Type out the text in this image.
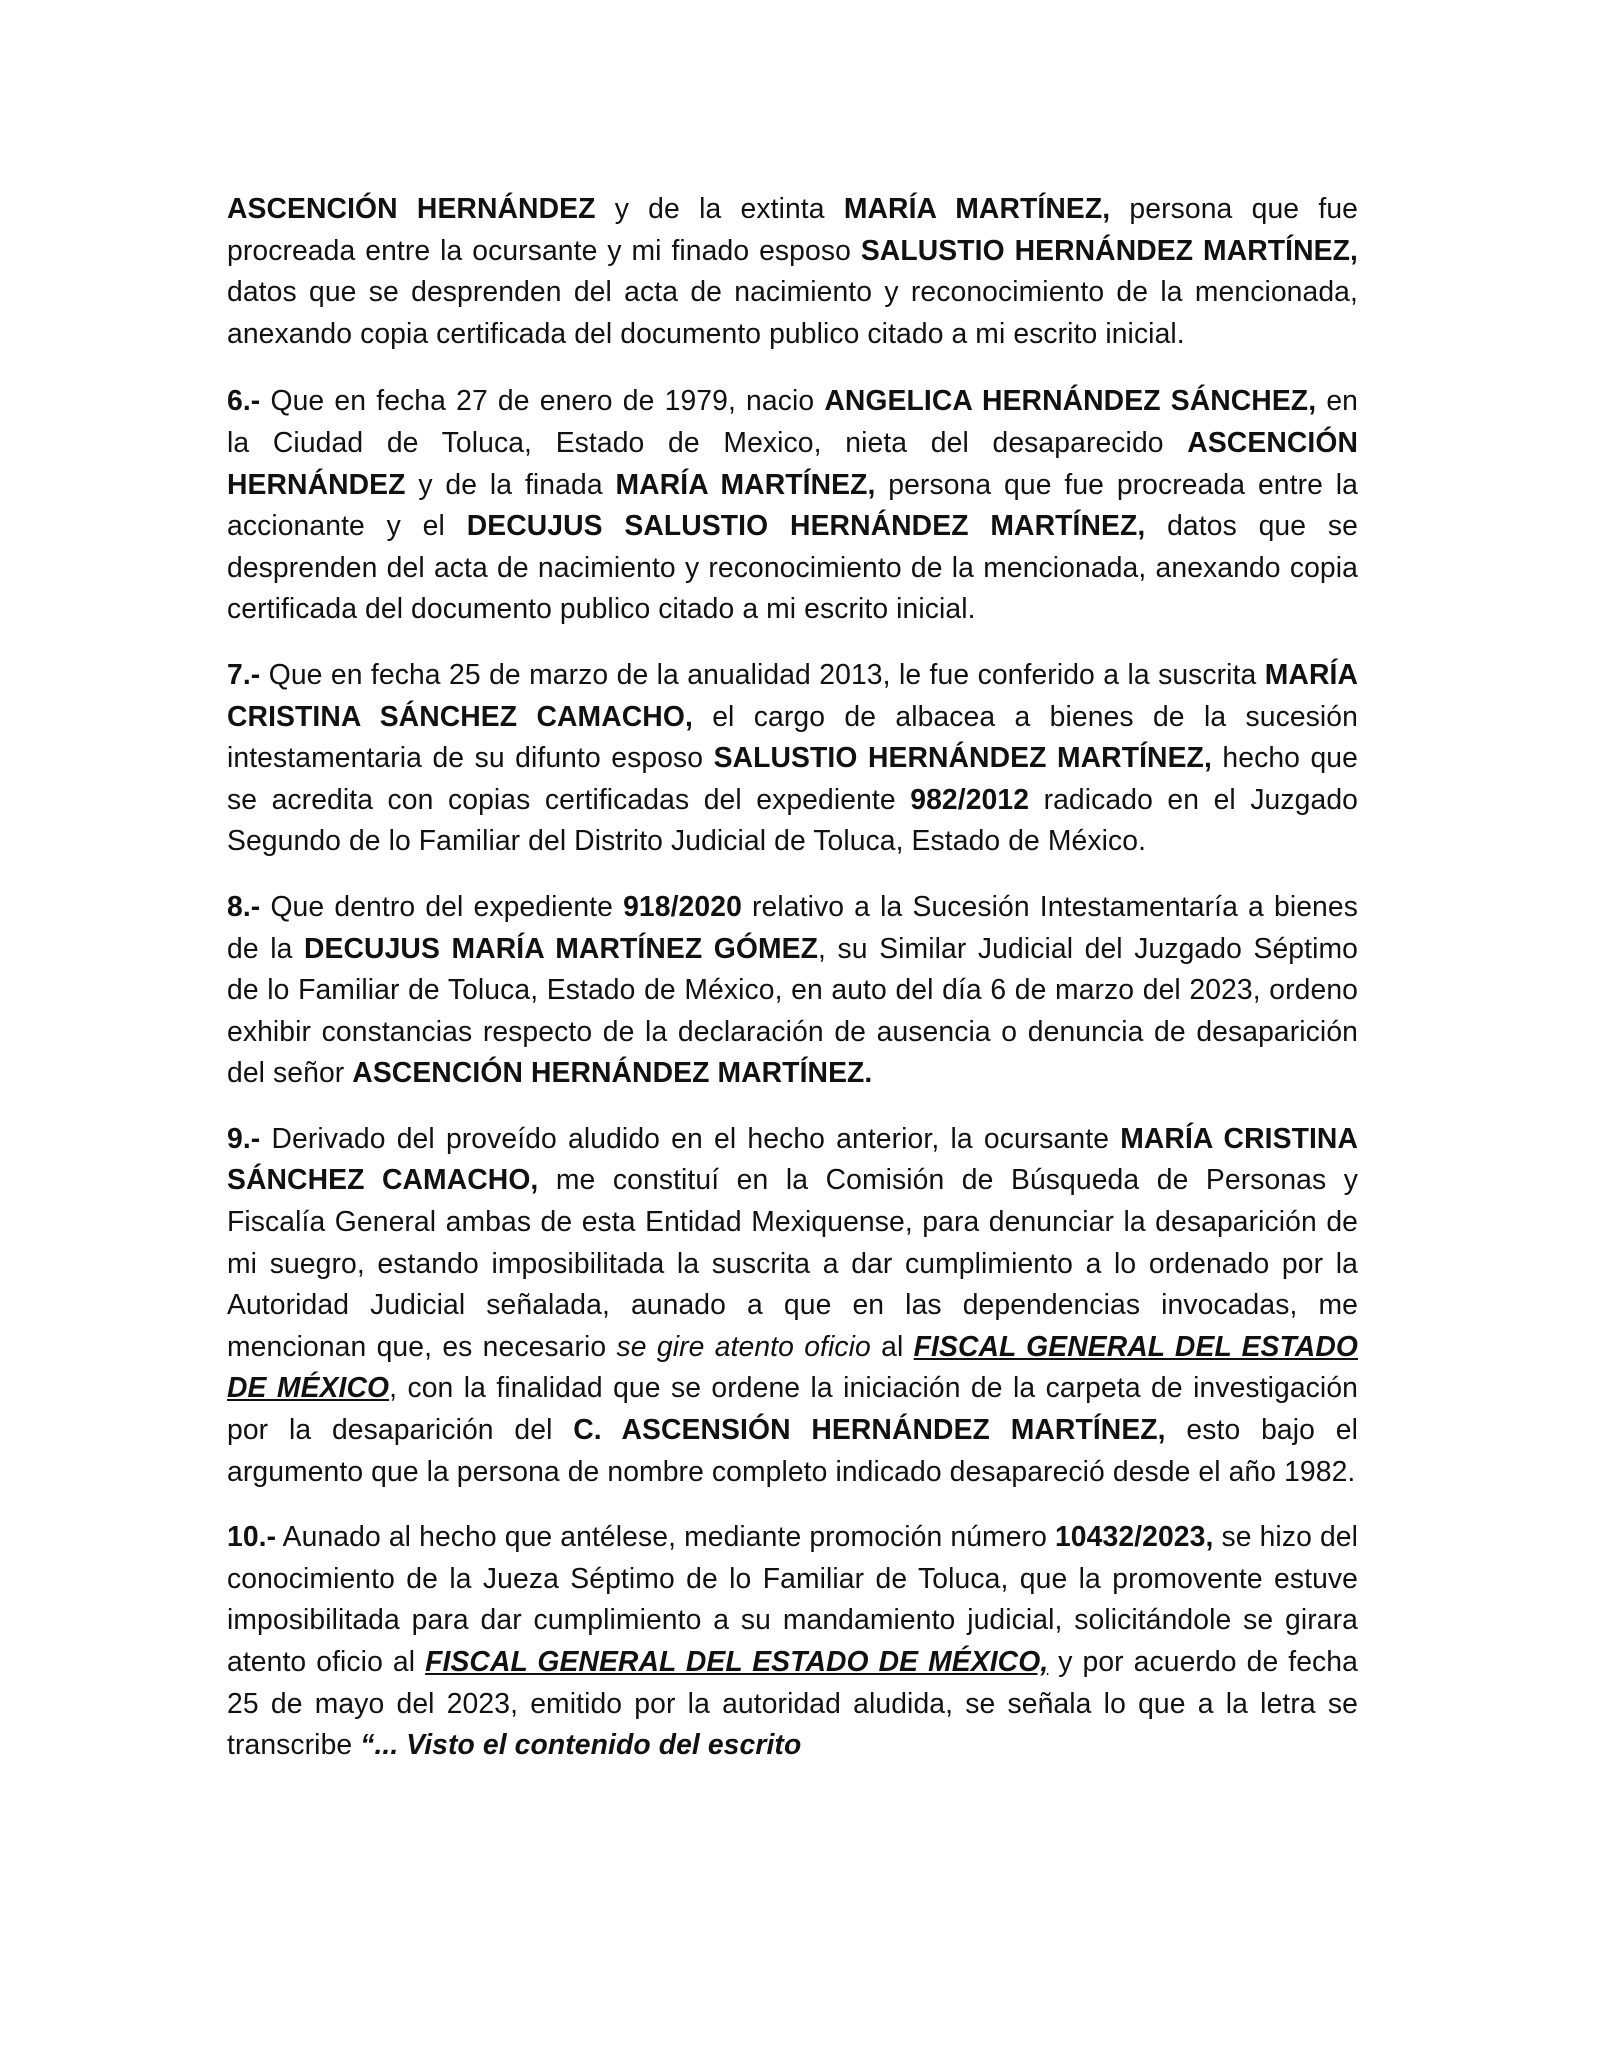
ASCENCIÓN HERNÁNDEZ y de la extinta MARÍA MARTÍNEZ, persona que fue procreada entre la ocursante y mi finado esposo SALUSTIO HERNÁNDEZ MARTÍNEZ, datos que se desprenden del acta de nacimiento y reconocimiento de la mencionada, anexando copia certificada del documento publico citado a mi escrito inicial.

6.- Que en fecha 27 de enero de 1979, nacio ANGELICA HERNÁNDEZ SÁNCHEZ, en la Ciudad de Toluca, Estado de Mexico, nieta del desaparecido ASCENCIÓN HERNÁNDEZ y de la finada MARÍA MARTÍNEZ, persona que fue procreada entre la accionante y el DECUJUS SALUSTIO HERNÁNDEZ MARTÍNEZ, datos que se desprenden del acta de nacimiento y reconocimiento de la mencionada, anexando copia certificada del documento publico citado a mi escrito inicial.

7.- Que en fecha 25 de marzo de la anualidad 2013, le fue conferido a la suscrita MARÍA CRISTINA SÁNCHEZ CAMACHO, el cargo de albacea a bienes de la sucesión intestamentaria de su difunto esposo SALUSTIO HERNÁNDEZ MARTÍNEZ, hecho que se acredita con copias certificadas del expediente 982/2012 radicado en el Juzgado Segundo de lo Familiar del Distrito Judicial de Toluca, Estado de México.

8.- Que dentro del expediente 918/2020 relativo a la Sucesión Intestamentaría a bienes de la DECUJUS MARÍA MARTÍNEZ GÓMEZ, su Similar Judicial del Juzgado Séptimo de lo Familiar de Toluca, Estado de México, en auto del día 6 de marzo del 2023, ordeno exhibir constancias respecto de la declaración de ausencia o denuncia de desaparición del señor ASCENCIÓN HERNÁNDEZ MARTÍNEZ.

9.- Derivado del proveído aludido en el hecho anterior, la ocursante MARÍA CRISTINA SÁNCHEZ CAMACHO, me constituí en la Comisión de Búsqueda de Personas y Fiscalía General ambas de esta Entidad Mexiquense, para denunciar la desaparición de mi suegro, estando imposibilitada la suscrita a dar cumplimiento a lo ordenado por la Autoridad Judicial señalada, aunado a que en las dependencias invocadas, me mencionan que, es necesario se gire atento oficio al FISCAL GENERAL DEL ESTADO DE MÉXICO, con la finalidad que se ordene la iniciación de la carpeta de investigación por la desaparición del C. ASCENSIÓN HERNÁNDEZ MARTÍNEZ, esto bajo el argumento que la persona de nombre completo indicado desapareció desde el año 1982.

10.- Aunado al hecho que antélese, mediante promoción número 10432/2023, se hizo del conocimiento de la Jueza Séptimo de lo Familiar de Toluca, que la promovente estuve imposibilitada para dar cumplimiento a su mandamiento judicial, solicitándole se girara atento oficio al FISCAL GENERAL DEL ESTADO DE MÉXICO, y por acuerdo de fecha 25 de mayo del 2023, emitido por la autoridad aludida, se señala lo que a la letra se transcribe “... Visto el contenido del escrito
